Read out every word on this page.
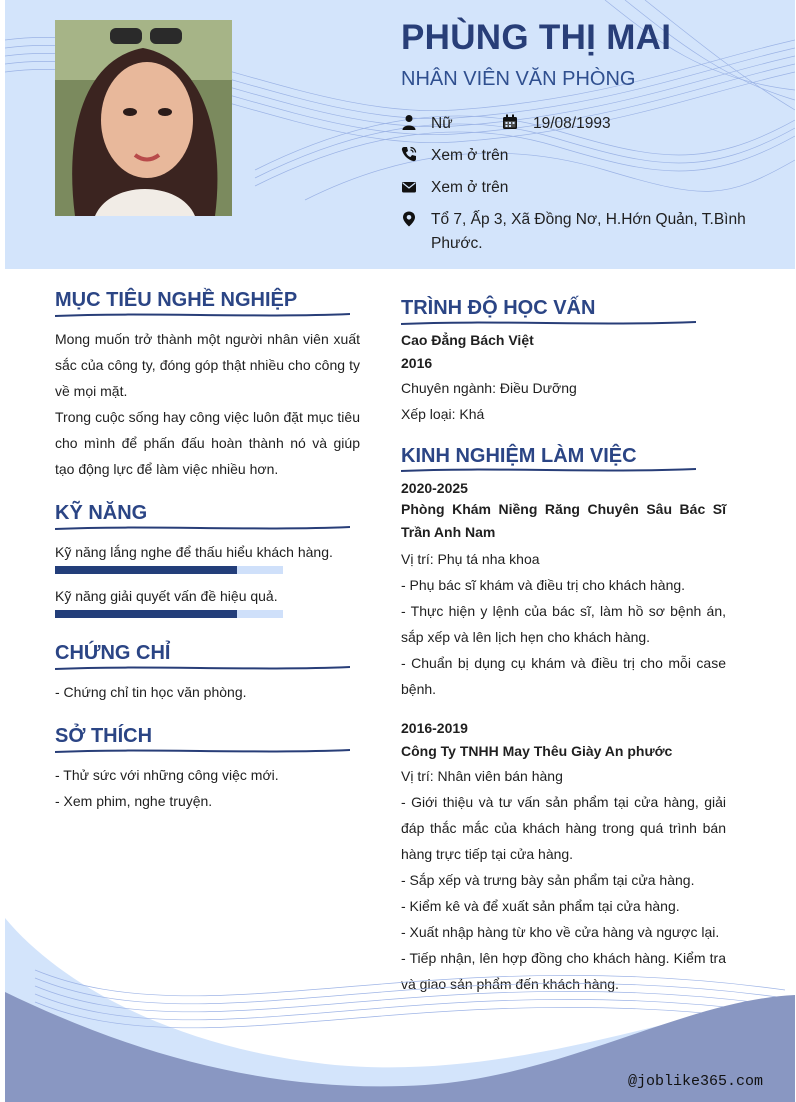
PHÙNG THỊ MAI
NHÂN VIÊN VĂN PHÒNG
Nữ	19/08/1993
Xem ở trên
Xem ở trên
Tổ 7, Ấp 3, Xã Đồng Nơ, H.Hớn Quản, T.Bình
Phước.
MỤC TIÊU NGHỀ NGHIỆP

Mong muốn trở thành một người nhân viên xuất sắc của công ty, đóng góp thật nhiều cho công ty về mọi mặt.

Trong cuộc sống hay công việc luôn đặt mục tiêu cho mình để phấn đấu hoàn thành nó và giúp tạo động lực để làm việc nhiều hơn.

KỸ NĂNG
Kỹ năng lắng nghe để thấu hiểu khách hàng.
Kỹ năng giải quyết vấn đề hiệu quả.
CHỨNG CHỈ
- Chứng chỉ tin học văn phòng.
SỞ THÍCH
- Thử sức với những công việc mới.
- Xem phim, nghe truyện.
TRÌNH ĐỘ HỌC VẤN
Cao Đẳng Bách Việt
2016
Chuyên ngành: Điều Dưỡng
Xếp loại: Khá
KINH NGHIỆM LÀM VIỆC
2020-2025
Phòng Khám Niềng Răng Chuyên Sâu Bác Sĩ Trần Anh Nam
Vị trí: Phụ tá nha khoa
- Phụ bác sĩ khám và điều trị cho khách hàng.
- Thực hiện y lệnh của bác sĩ, làm hồ sơ bệnh án, sắp xếp và lên lịch hẹn cho khách hàng.
- Chuẩn bị dụng cụ khám và điều trị cho mỗi case bệnh.
2016-2019
Công Ty TNHH May Thêu Giày An phước
Vị trí: Nhân viên bán hàng
- Giới thiệu và tư vấn sản phẩm tại cửa hàng, giải đáp thắc mắc của khách hàng trong quá trình bán hàng trực tiếp tại cửa hàng.
- Sắp xếp và trưng bày sản phẩm tại cửa hàng.
- Kiểm kê và để xuất sản phẩm tại cửa hàng.
- Xuất nhập hàng từ kho về cửa hàng và ngược lại.
- Tiếp nhận, lên hợp đồng cho khách hàng. Kiểm tra và giao sản phẩm đến khách hàng.
@joblike365.com
